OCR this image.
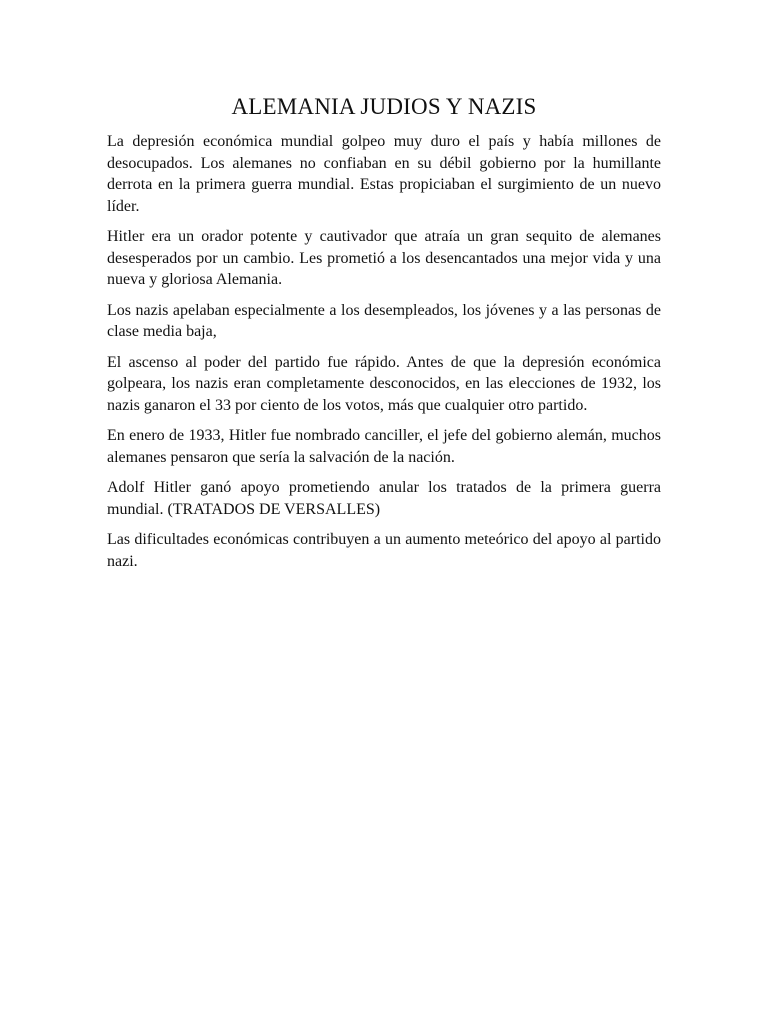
ALEMANIA JUDIOS Y NAZIS

La depresión económica mundial golpeo muy duro el país y había millones de desocupados. Los alemanes no confiaban en su débil gobierno por la humillante derrota en la primera guerra mundial. Estas propiciaban el surgimiento de un nuevo líder.

Hitler era un orador potente y cautivador que atraía un gran sequito de alemanes desesperados por un cambio. Les prometió a los desencantados una mejor vida y una nueva y gloriosa Alemania.

Los nazis apelaban especialmente a los desempleados, los jóvenes y a las personas de clase media baja,

El ascenso al poder del partido fue rápido. Antes de que la depresión económica golpeara, los nazis eran completamente desconocidos, en las elecciones de 1932, los nazis ganaron el 33 por ciento de los votos, más que cualquier otro partido.

En enero de 1933, Hitler fue nombrado canciller, el jefe del gobierno alemán, muchos alemanes pensaron que sería la salvación de la nación.

Adolf Hitler ganó apoyo prometiendo anular los tratados de la primera guerra mundial. (TRATADOS DE VERSALLES)

Las dificultades económicas contribuyen a un aumento meteórico del apoyo al partido nazi.
